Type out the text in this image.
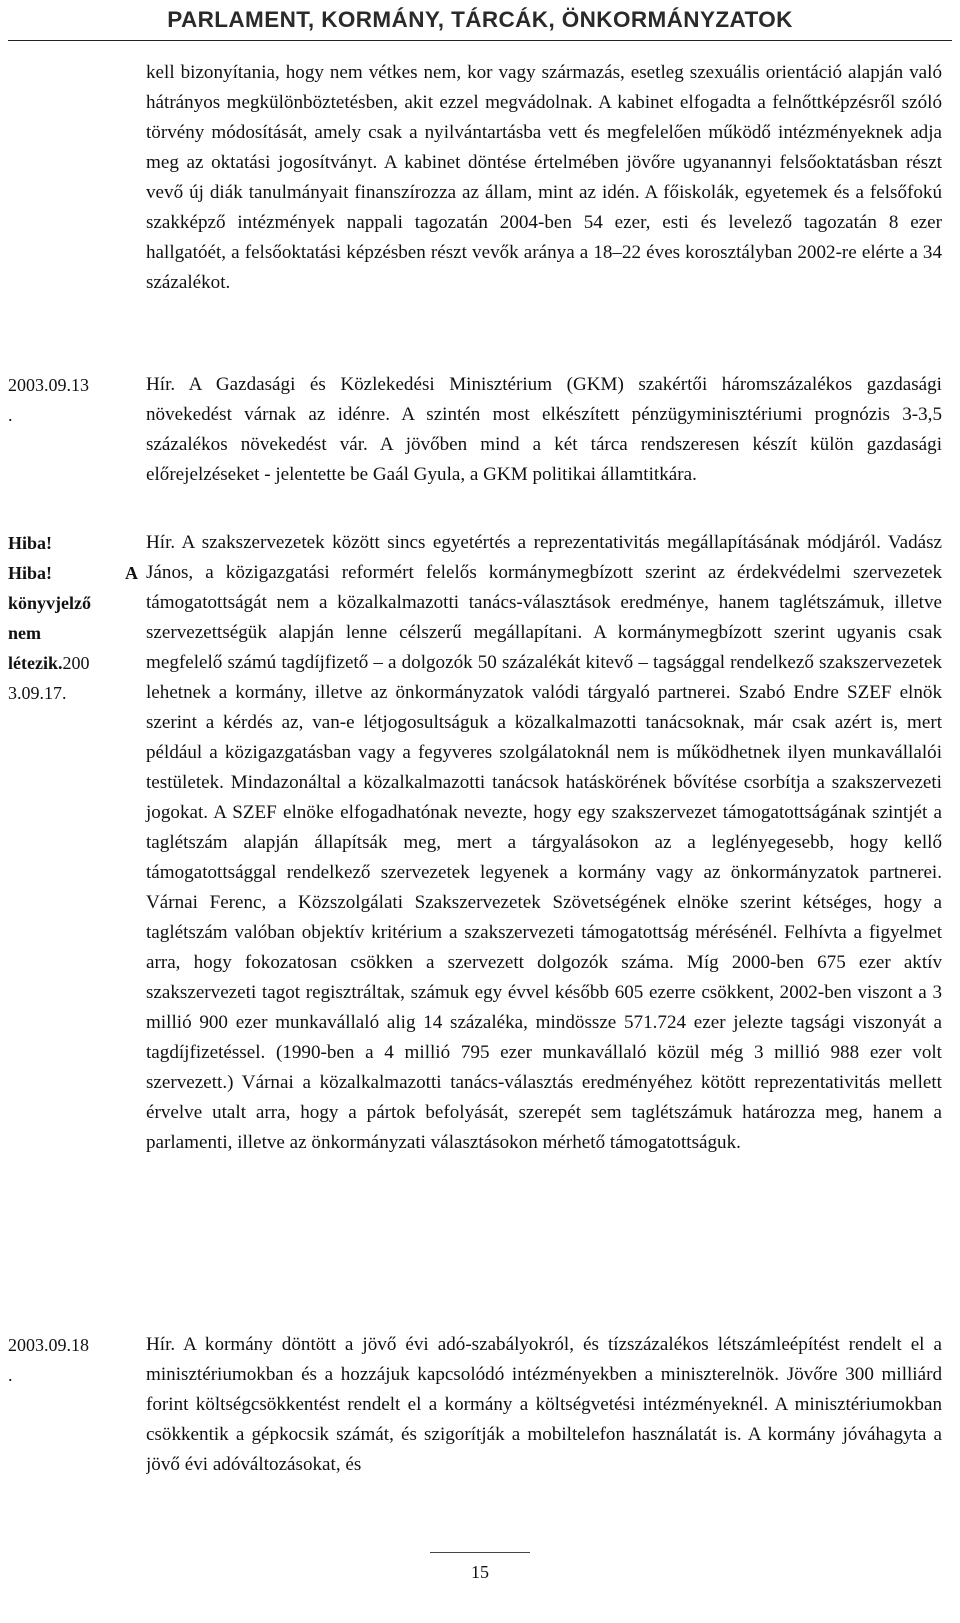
PARLAMENT, KORMÁNY, TÁRCÁK, ÖNKORMÁNYZATOK

kell bizonyítania, hogy nem vétkes nem, kor vagy származás, esetleg szexuális orientáció alapján való hátrányos megkülönböztetésben, akit ezzel megvádolnak. A kabinet elfogadta a felnőttképzésről szóló törvény módosítását, amely csak a nyilvántartásba vett és megfelelően működő intézményeknek adja meg az oktatási jogosítványt. A kabinet döntése értelmében jövőre ugyanannyi felsőoktatásban részt vevő új diák tanulmányait finanszírozza az állam, mint az idén. A főiskolák, egyetemek és a felsőfokú szakképző intézmények nappali tagozatán 2004-ben 54 ezer, esti és levelező tagozatán 8 ezer hallgatóét, a felsőoktatási képzésben részt vevők aránya a 18–22 éves korosztályban 2002-re elérte a 34 százalékot.

2003.09.13
.

Hír. A Gazdasági és Közlekedési Minisztérium (GKM) szakértői háromszázalékos gazdasági növekedést várnak az idénre. A szintén most elkészített pénzügyminisztériumi prognózis 3-3,5 százalékos növekedést vár. A jövőben mind a két tárca rendszeresen készít külön gazdasági előrejelzéseket - jelentette be Gaál Gyula, a GKM politikai államtitkára.

Hiba!
Hiba!	A
könyvjelző
nem
létezik.200
3.09.17.

Hír. A szakszervezetek között sincs egyetértés a reprezentativitás megállapításának módjáról. Vadász János, a közigazgatási reformért felelős kormánymegbízott szerint az érdekvédelmi szervezetek támogatottságát nem a közalkalmazotti tanács-választások eredménye, hanem taglétszámuk, illetve szervezettségük alapján lenne célszerű megállapítani. A kormánymegbízott szerint ugyanis csak megfelelő számú tagdíjfizető – a dolgozók 50 százalékát kitevő – tagsággal rendelkező szakszervezetek lehetnek a kormány, illetve az önkormányzatok valódi tárgyaló partnerei. Szabó Endre SZEF elnök szerint a kérdés az, van-e létjogosultságuk a közalkalmazotti tanácsoknak, már csak azért is, mert például a közigazgatásban vagy a fegyveres szolgálatoknál nem is működhetnek ilyen munkavállalói testületek. Mindazonáltal a közalkalmazotti tanácsok hatáskörének bővítése csorbítja a szakszervezeti jogokat. A SZEF elnöke elfogadhatónak nevezte, hogy egy szakszervezet támogatottságának szintjét a taglétszám alapján állapítsák meg, mert a tárgyalásokon az a leglényegesebb, hogy kellő támogatottsággal rendelkező szervezetek legyenek a kormány vagy az önkormányzatok partnerei. Várnai Ferenc, a Közszolgálati Szakszervezetek Szövetségének elnöke szerint kétséges, hogy a taglétszám valóban objektív kritérium a szakszervezeti támogatottság mérésénél. Felhívta a figyelmet arra, hogy fokozatosan csökken a szervezett dolgozók száma. Míg 2000-ben 675 ezer aktív szakszervezeti tagot regisztráltak, számuk egy évvel később 605 ezerre csökkent, 2002-ben viszont a 3 millió 900 ezer munkavállaló alig 14 százaléka, mindössze 571.724 ezer jelezte tagsági viszonyát a tagdíjfizetéssel. (1990-ben a 4 millió 795 ezer munkavállaló közül még 3 millió 988 ezer volt szervezett.) Várnai a közalkalmazotti tanács-választás eredményéhez kötött reprezentativitás mellett érvelve utalt arra, hogy a pártok befolyását, szerepét sem taglétszámuk határozza meg, hanem a parlamenti, illetve az önkormányzati választásokon mérhető támogatottságuk.

2003.09.18
.

Hír. A kormány döntött a jövő évi adó-szabályokról, és tízszázalékos létszámleépítést rendelt el a minisztériumokban és a hozzájuk kapcsolódó intézményekben a miniszterelnök. Jövőre 300 milliárd forint költségcsökkentést rendelt el a kormány a költségvetési intézményeknél. A minisztériumokban csökkentik a gépkocsik számát, és szigorítják a mobiltelefon használatát is. A kormány jóváhagyta a jövő évi adóváltozásokat, és

15
